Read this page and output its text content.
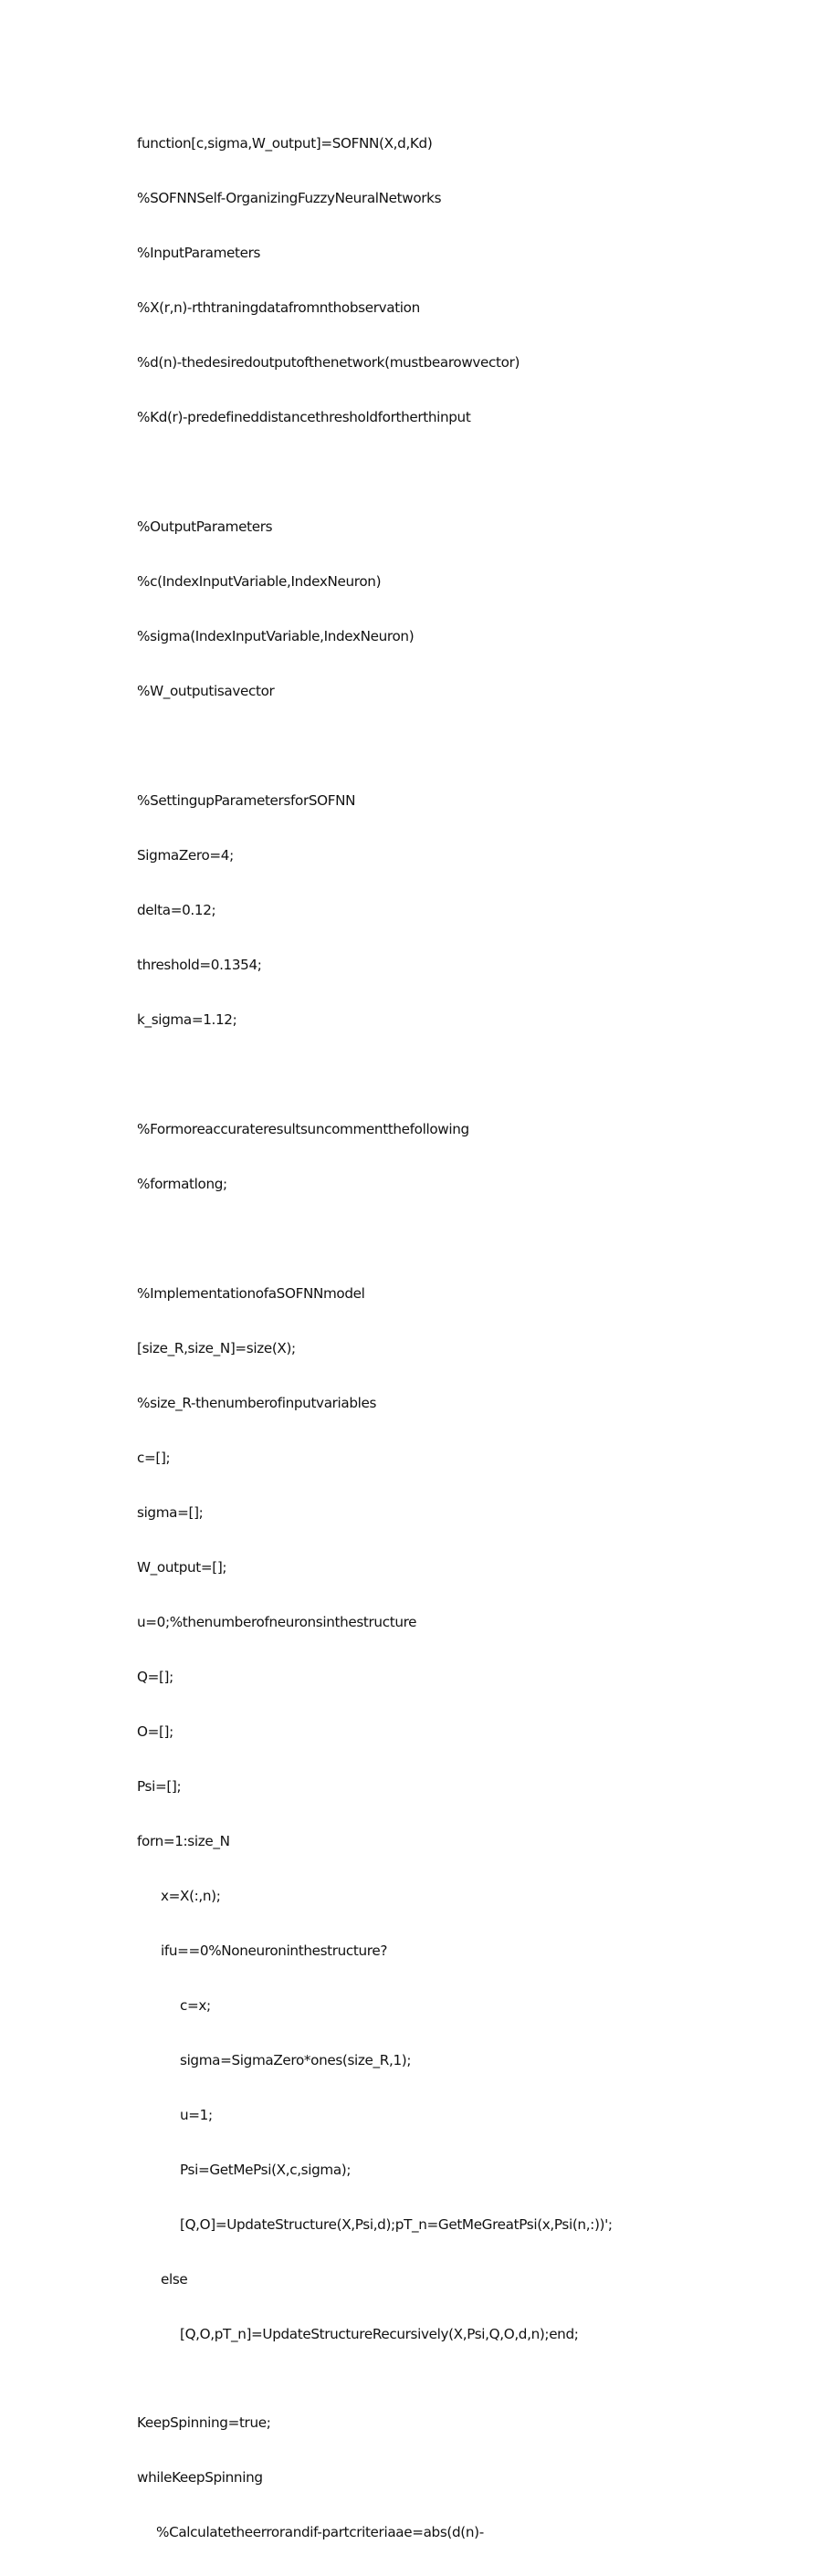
function[c,sigma,W_output]=SOFNN(X,d,Kd)

%SOFNNSelf-OrganizingFuzzyNeuralNetworks

%InputParameters

%X(r,n)-rthtraningdatafromnthobservation

%d(n)-thedesiredoutputofthenetwork(mustbearowvector)

%Kd(r)-predefineddistancethresholdfortherthinput

%OutputParameters

%c(IndexInputVariable,IndexNeuron)

%sigma(IndexInputVariable,IndexNeuron)

%W_outputisavector

%SettingupParametersforSOFNN

SigmaZero=4;

delta=0.12;

threshold=0.1354;

k_sigma=1.12;

%Formoreaccurateresultsuncommentthefollowing

%formatlong;

%ImplementationofaSOFNNmodel

[size_R,size_N]=size(X);

%size_R-thenumberofinputvariables

c=[];

sigma=[];

W_output=[];

u=0;%thenumberofneuronsinthestructure

Q=[];

O=[];

Psi=[];

forn=1:size_N

x=X(:,n);

ifu==0%Noneuroninthestructure?

c=x;

sigma=SigmaZero*ones(size_R,1);

u=1;

Psi=GetMePsi(X,c,sigma);

[Q,O]=UpdateStructure(X,Psi,d);pT_n=GetMeGreatPsi(x,Psi(n,:))';

else

[Q,O,pT_n]=UpdateStructureRecursively(X,Psi,Q,O,d,n);end;

KeepSpinning=true;

whileKeepSpinning

%Calculatetheerrorandif-partcriteriaae=abs(d(n)-
